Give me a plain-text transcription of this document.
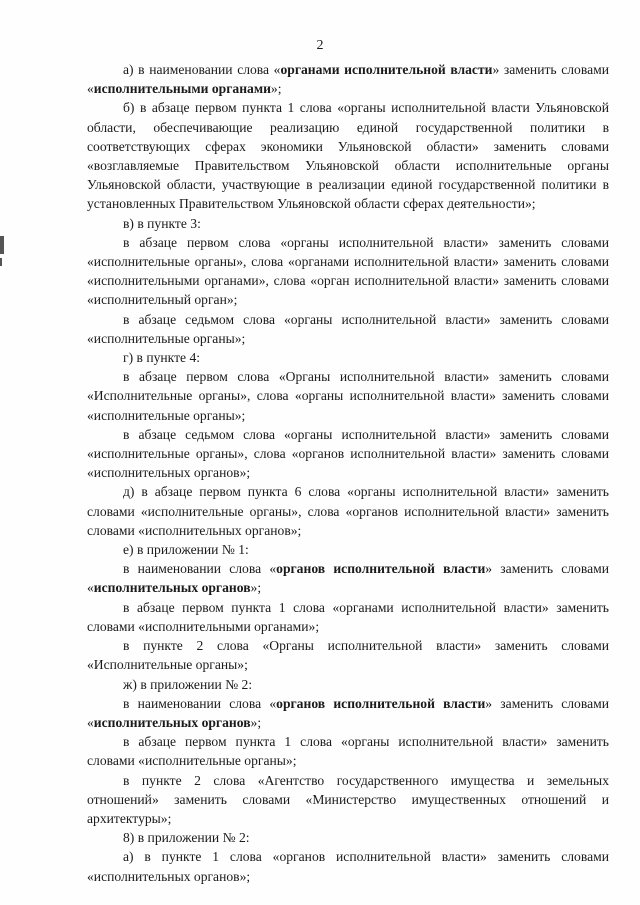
2

а) в наименовании слова «органами исполнительной власти» заменить словами «исполнительными органами»;

б) в абзаце первом пункта 1 слова «органы исполнительной власти Ульяновской области, обеспечивающие реализацию единой государственной политики в соответствующих сферах экономики Ульяновской области» заменить словами «возглавляемые Правительством Ульяновской области исполнительные органы Ульяновской области, участвующие в реализации единой государственной политики в установленных Правительством Ульяновской области сферах деятельности»;

в) в пункте 3:

в абзаце первом слова «органы исполнительной власти» заменить словами «исполнительные органы», слова «органами исполнительной власти» заменить словами «исполнительными органами», слова «орган исполнительной власти» заменить словами «исполнительный орган»;

в абзаце седьмом слова «органы исполнительной власти» заменить словами «исполнительные органы»;

г) в пункте 4:

в абзаце первом слова «Органы исполнительной власти» заменить словами «Исполнительные органы», слова «органы исполнительной власти» заменить словами «исполнительные органы»;

в абзаце седьмом слова «органы исполнительной власти» заменить словами «исполнительные органы», слова «органов исполнительной власти» заменить словами «исполнительных органов»;

д) в абзаце первом пункта 6 слова «органы исполнительной власти» заменить словами «исполнительные органы», слова «органов исполнительной власти» заменить словами «исполнительных органов»;

е) в приложении № 1:

в наименовании слова «органов исполнительной власти» заменить словами «исполнительных органов»;

в абзаце первом пункта 1 слова «органами исполнительной власти» заменить словами «исполнительными органами»;

в пункте 2 слова «Органы исполнительной власти» заменить словами «Исполнительные органы»;

ж) в приложении № 2:

в наименовании слова «органов исполнительной власти» заменить словами «исполнительных органов»;

в абзаце первом пункта 1 слова «органы исполнительной власти» заменить словами «исполнительные органы»;

в пункте 2 слова «Агентство государственного имущества и земельных отношений» заменить словами «Министерство имущественных отношений и архитектуры»;

8) в приложении № 2:

а) в пункте 1 слова «органов исполнительной власти» заменить словами «исполнительных органов»;
